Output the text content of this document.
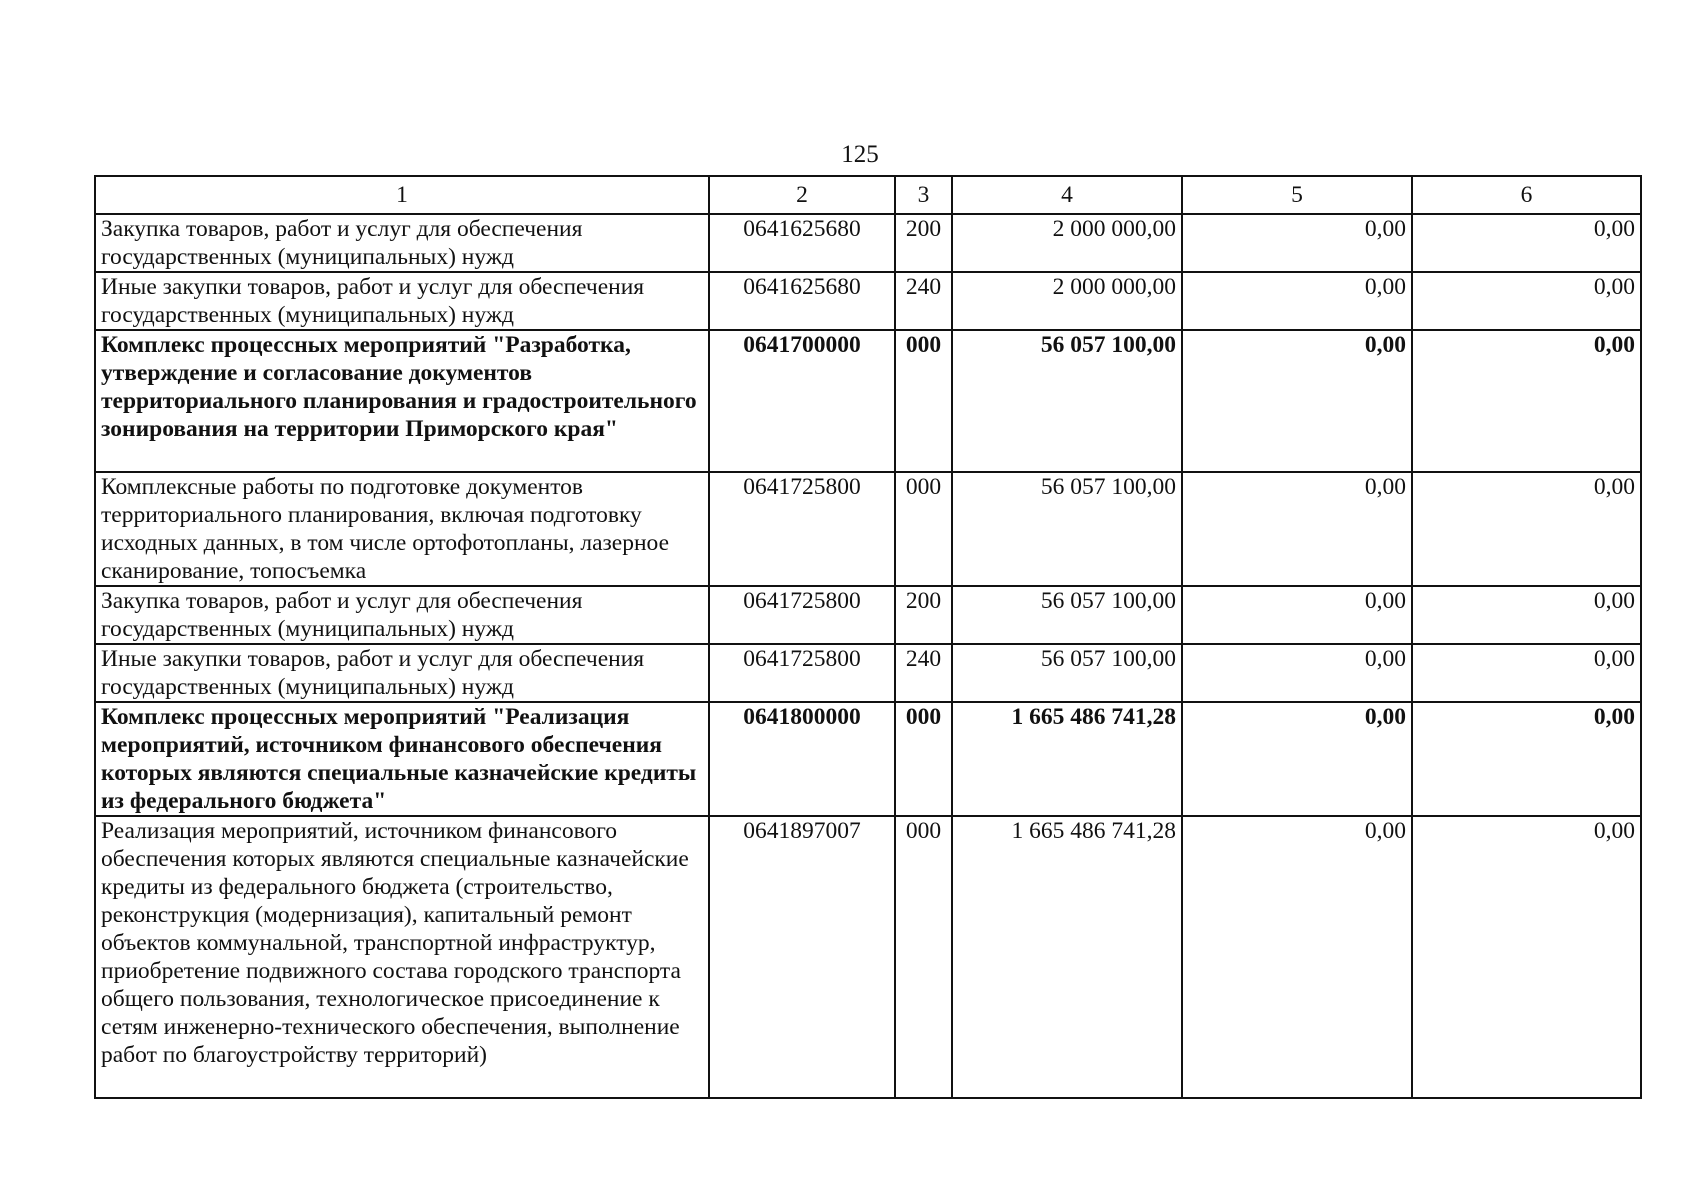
125
1	2	3	4	5	6
Закупка товаров, работ и услуг для обеспечения государственных (муниципальных) нужд	0641625680	200	2 000 000,00	0,00	0,00
Иные закупки товаров, работ и услуг для обеспечения государственных (муниципальных) нужд	0641625680	240	2 000 000,00	0,00	0,00
Комплекс процессных мероприятий "Разработка, утверждение и согласование документов территориального планирования и градостроительного зонирования на территории Приморского края"	0641700000	000	56 057 100,00	0,00	0,00
Комплексные работы по подготовке документов территориального планирования, включая подготовку исходных данных, в том числе ортофотопланы, лазерное сканирование, топосъемка	0641725800	000	56 057 100,00	0,00	0,00
Закупка товаров, работ и услуг для обеспечения государственных (муниципальных) нужд	0641725800	200	56 057 100,00	0,00	0,00
Иные закупки товаров, работ и услуг для обеспечения государственных (муниципальных) нужд	0641725800	240	56 057 100,00	0,00	0,00
Комплекс процессных мероприятий "Реализация мероприятий, источником финансового обеспечения которых являются специальные казначейские кредиты из федерального бюджета"	0641800000	000	1 665 486 741,28	0,00	0,00
Реализация мероприятий, источником финансового обеспечения которых являются специальные казначейские кредиты из федерального бюджета (строительство, реконструкция (модернизация), капитальный ремонт объектов коммунальной, транспортной инфраструктур, приобретение подвижного состава городского транспорта общего пользования, технологическое присоединение к сетям инженерно-технического обеспечения, выполнение работ по благоустройству территорий)	0641897007	000	1 665 486 741,28	0,00	0,00
